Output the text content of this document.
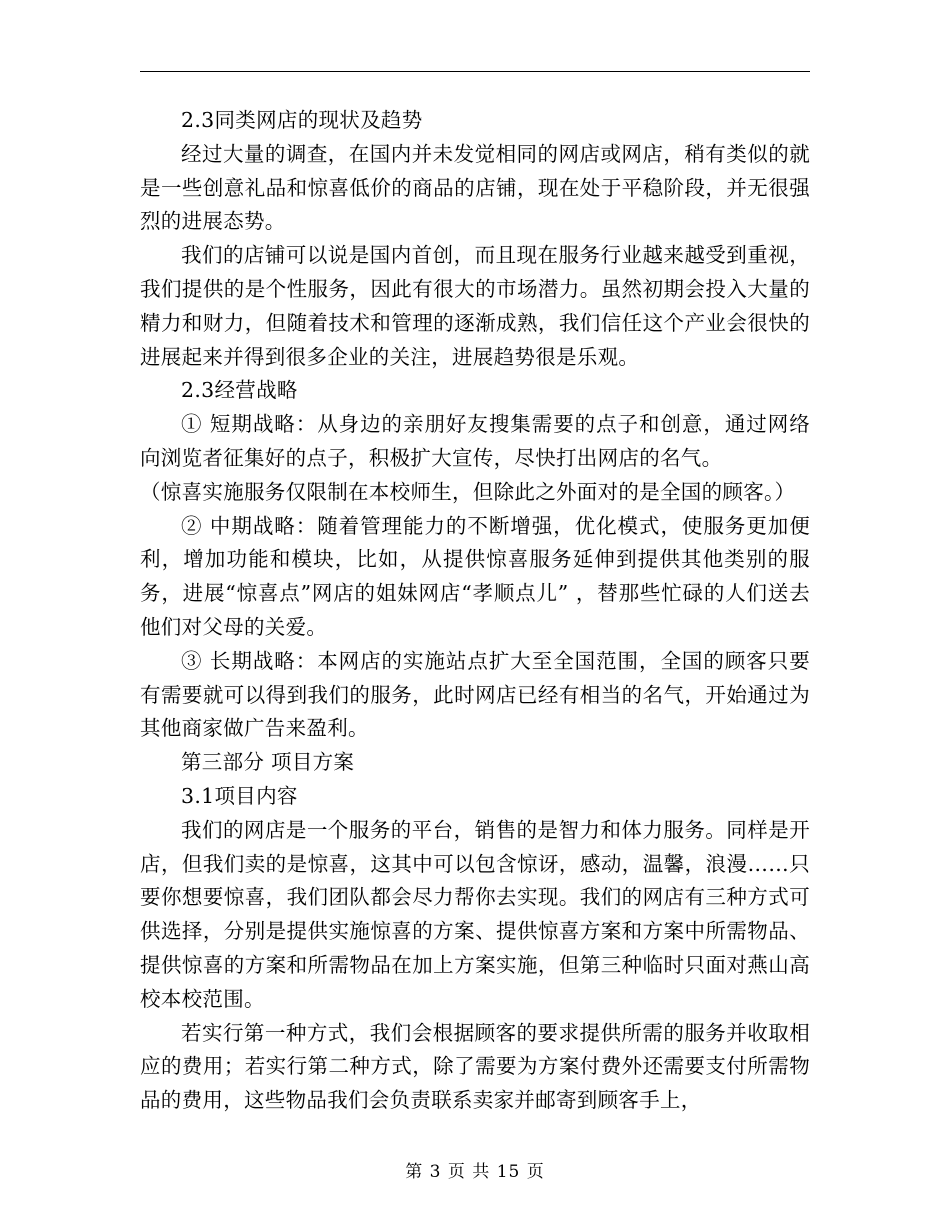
2.3同类网店的现状及趋势

经过大量的调查，在国内并未发觉相同的网店或网店，稍有类似的就是一些创意礼品和惊喜低价的商品的店铺，现在处于平稳阶段，并无很强烈的进展态势。

我们的店铺可以说是国内首创，而且现在服务行业越来越受到重视，我们提供的是个性服务，因此有很大的市场潜力。虽然初期会投入大量的精力和财力，但随着技术和管理的逐渐成熟，我们信任这个产业会很快的进展起来并得到很多企业的关注，进展趋势很是乐观。

2.3经营战略

① 短期战略：从身边的亲朋好友搜集需要的点子和创意，通过网络向浏览者征集好的点子，积极扩大宣传，尽快打出网店的名气。

（惊喜实施服务仅限制在本校师生，但除此之外面对的是全国的顾客。）

② 中期战略：随着管理能力的不断增强，优化模式，使服务更加便利，增加功能和模块，比如，从提供惊喜服务延伸到提供其他类别的服务，进展“惊喜点”网店的姐妹网店“孝顺点儿” ，替那些忙碌的人们送去他们对父母的关爱。

③ 长期战略：本网店的实施站点扩大至全国范围，全国的顾客只要有需要就可以得到我们的服务，此时网店已经有相当的名气，开始通过为其他商家做广告来盈利。

第三部分 项目方案

3.1项目内容

我们的网店是一个服务的平台，销售的是智力和体力服务。同样是开店，但我们卖的是惊喜，这其中可以包含惊讶，感动，温馨，浪漫……只要你想要惊喜，我们团队都会尽力帮你去实现。我们的网店有三种方式可供选择，分别是提供实施惊喜的方案、提供惊喜方案和方案中所需物品、提供惊喜的方案和所需物品在加上方案实施，但第三种临时只面对燕山高校本校范围。

若实行第一种方式，我们会根据顾客的要求提供所需的服务并收取相应的费用；若实行第二种方式，除了需要为方案付费外还需要支付所需物品的费用，这些物品我们会负责联系卖家并邮寄到顾客手上，

第 3 页 共 15 页
